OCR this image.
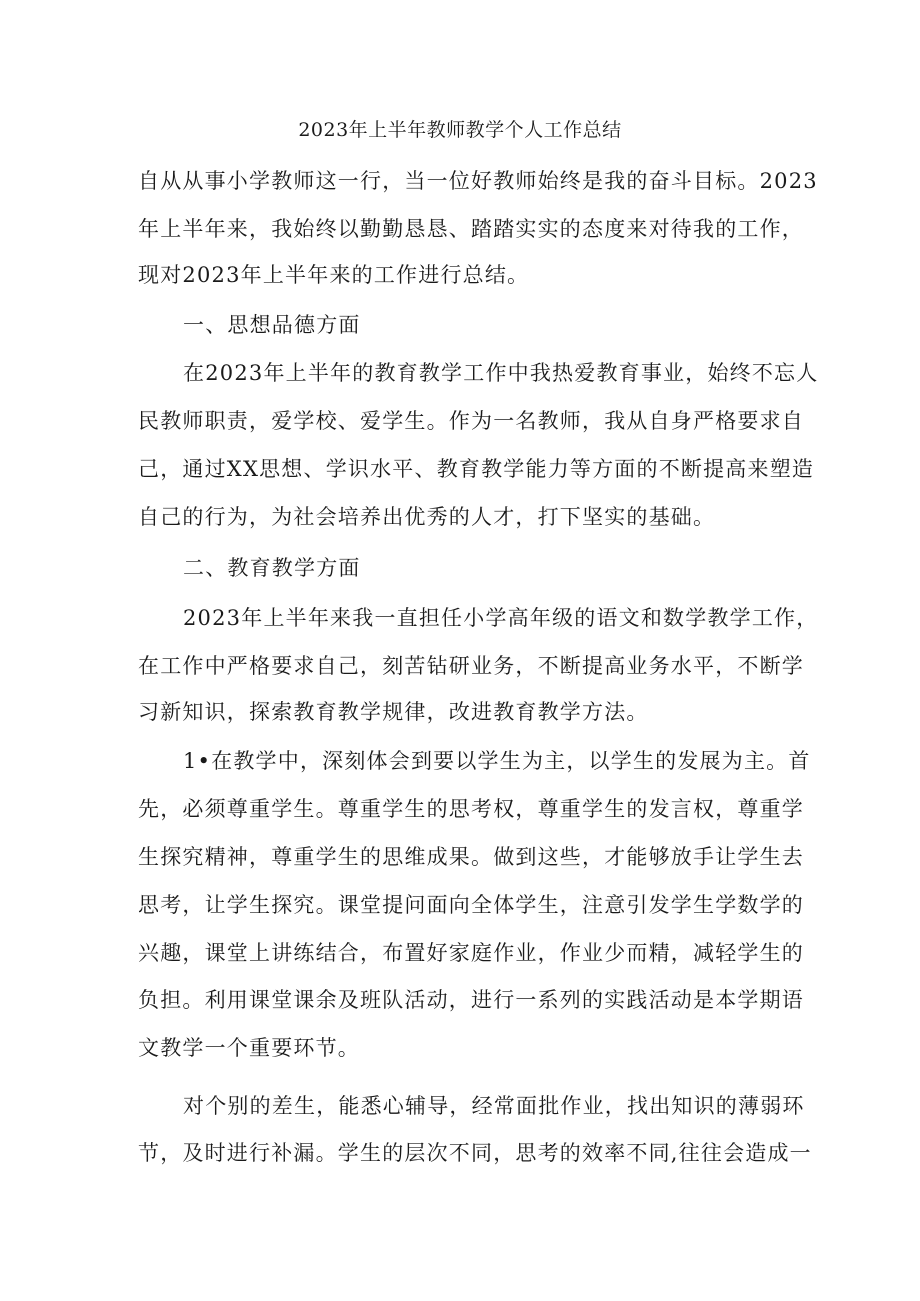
2023年上半年教师教学个人工作总结
自从从事小学教师这一行，当一位好教师始终是我的奋斗目标。2023
年上半年来，我始终以勤勤恳恳、踏踏实实的态度来对待我的工作，
现对2023年上半年来的工作进行总结。
一、思想品德方面
在2023年上半年的教育教学工作中我热爱教育事业，始终不忘人
民教师职责，爱学校、爱学生。作为一名教师，我从自身严格要求自
己，通过XX思想、学识水平、教育教学能力等方面的不断提高来塑造
自己的行为，为社会培养出优秀的人才，打下坚实的基础。
二、教育教学方面
2023年上半年来我一直担任小学高年级的语文和数学教学工作，
在工作中严格要求自己，刻苦钻研业务，不断提高业务水平，不断学
习新知识，探索教育教学规律，改进教育教学方法。
1•在教学中，深刻体会到要以学生为主，以学生的发展为主。首
先，必须尊重学生。尊重学生的思考权，尊重学生的发言权，尊重学
生探究精神，尊重学生的思维成果。做到这些，才能够放手让学生去
思考，让学生探究。课堂提问面向全体学生，注意引发学生学数学的
兴趣，课堂上讲练结合，布置好家庭作业，作业少而精，减轻学生的
负担。利用课堂课余及班队活动，进行一系列的实践活动是本学期语
文教学一个重要环节。
对个别的差生，能悉心辅导，经常面批作业，找出知识的薄弱环
节，及时进行补漏。学生的层次不同，思考的效率不同,往往会造成一
